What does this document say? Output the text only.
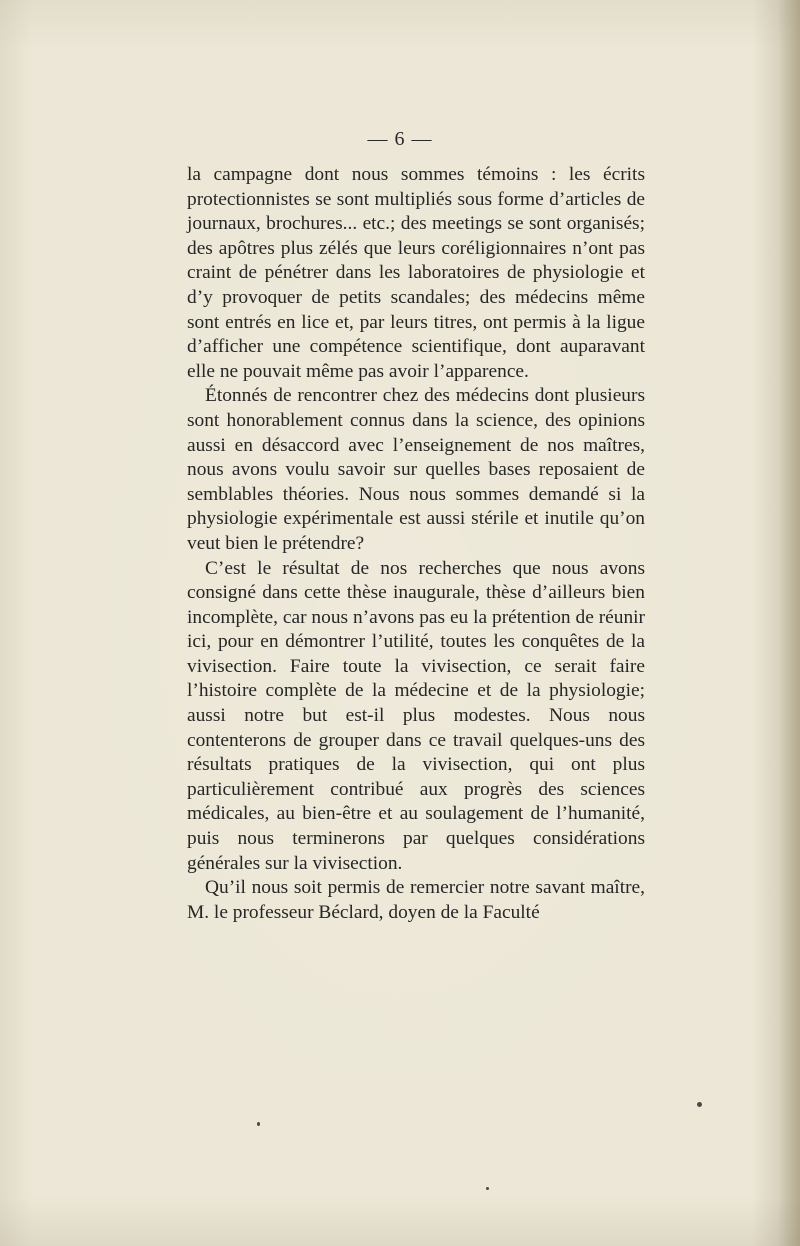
— 6 —

la campagne dont nous sommes témoins : les écrits protectionnistes se sont multipliés sous forme d’articles de journaux, brochures... etc.; des meetings se sont organisés; des apôtres plus zélés que leurs coréligionnaires n’ont pas craint de pénétrer dans les laboratoires de physiologie et d’y provoquer de petits scandales; des médecins même sont entrés en lice et, par leurs titres, ont permis à la ligue d’afficher une compétence scientifique, dont auparavant elle ne pouvait même pas avoir l’apparence.

Étonnés de rencontrer chez des médecins dont plusieurs sont honorablement connus dans la science, des opinions aussi en désaccord avec l’enseignement de nos maîtres, nous avons voulu savoir sur quelles bases reposaient de semblables théories. Nous nous sommes demandé si la physiologie expérimentale est aussi stérile et inutile qu’on veut bien le prétendre?

C’est le résultat de nos recherches que nous avons consigné dans cette thèse inaugurale, thèse d’ailleurs bien incomplète, car nous n’avons pas eu la prétention de réunir ici, pour en démontrer l’utilité, toutes les conquêtes de la vivisection. Faire toute la vivisection, ce serait faire l’histoire complète de la médecine et de la physiologie; aussi notre but est-il plus modestes. Nous nous contenterons de grouper dans ce travail quelques-uns des résultats pratiques de la vivisection, qui ont plus particulièrement contribué aux progrès des sciences médicales, au bien-être et au soulagement de l’humanité, puis nous terminerons par quelques considérations générales sur la vivisection.

Qu’il nous soit permis de remercier notre savant maître, M. le professeur Béclard, doyen de la Faculté
